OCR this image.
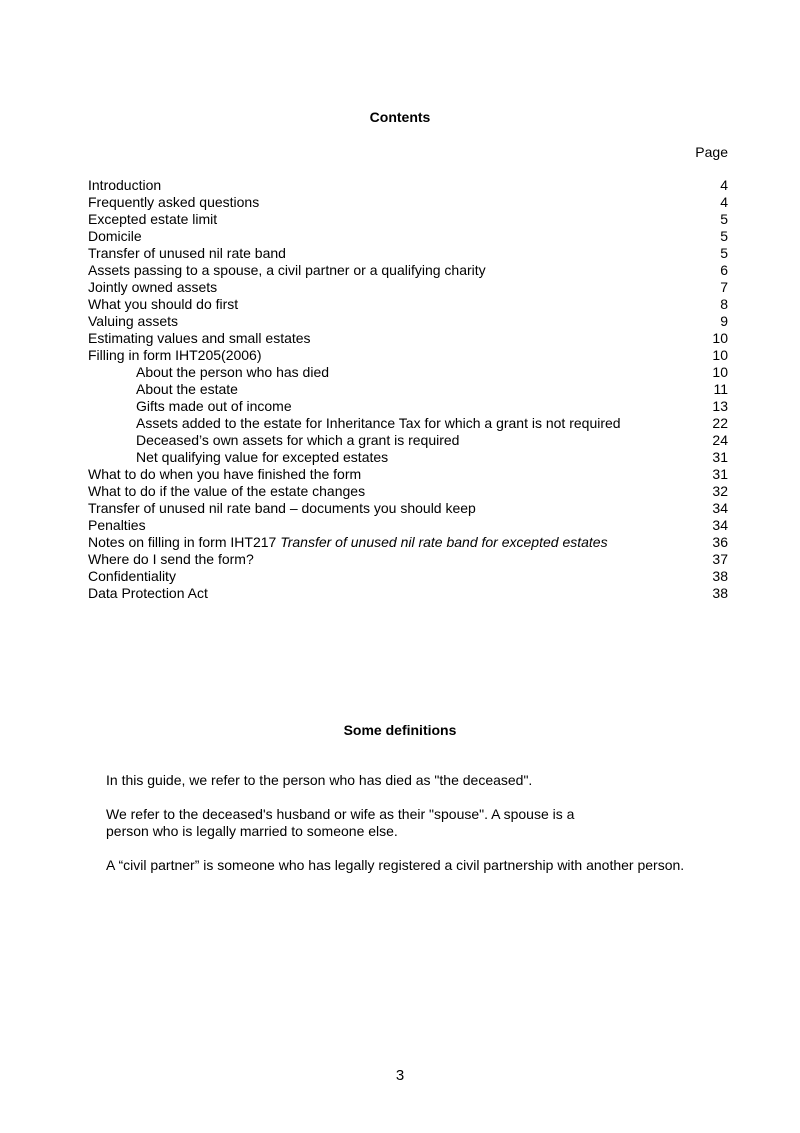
Contents
Page
Introduction	4
Frequently asked questions	4
Excepted estate limit	5
Domicile	5
Transfer of unused nil rate band	5
Assets passing to a spouse, a civil partner or a qualifying charity	6
Jointly owned assets	7
What you should do first	8
Valuing assets	9
Estimating values and small estates	10
Filling in form IHT205(2006)	10
About the person who has died	10
About the estate	11
Gifts made out of income	13
Assets added to the estate for Inheritance Tax for which a grant is not required	22
Deceased’s own assets for which a grant is required	24
Net qualifying value for excepted estates	31
What to do when you have finished the form	31
What to do if the value of the estate changes	32
Transfer of unused nil rate band – documents you should keep	34
Penalties	34
Notes on filling in form IHT217 Transfer of unused nil rate band for excepted estates	36
Where do I send the form?	37
Confidentiality	38
Data Protection Act	38
Some definitions

In this guide, we refer to the person who has died as "the deceased".

We refer to the deceased's husband or wife as their "spouse". A spouse is a person who is legally married to someone else.

A “civil partner” is someone who has legally registered a civil partnership with another person.

3
